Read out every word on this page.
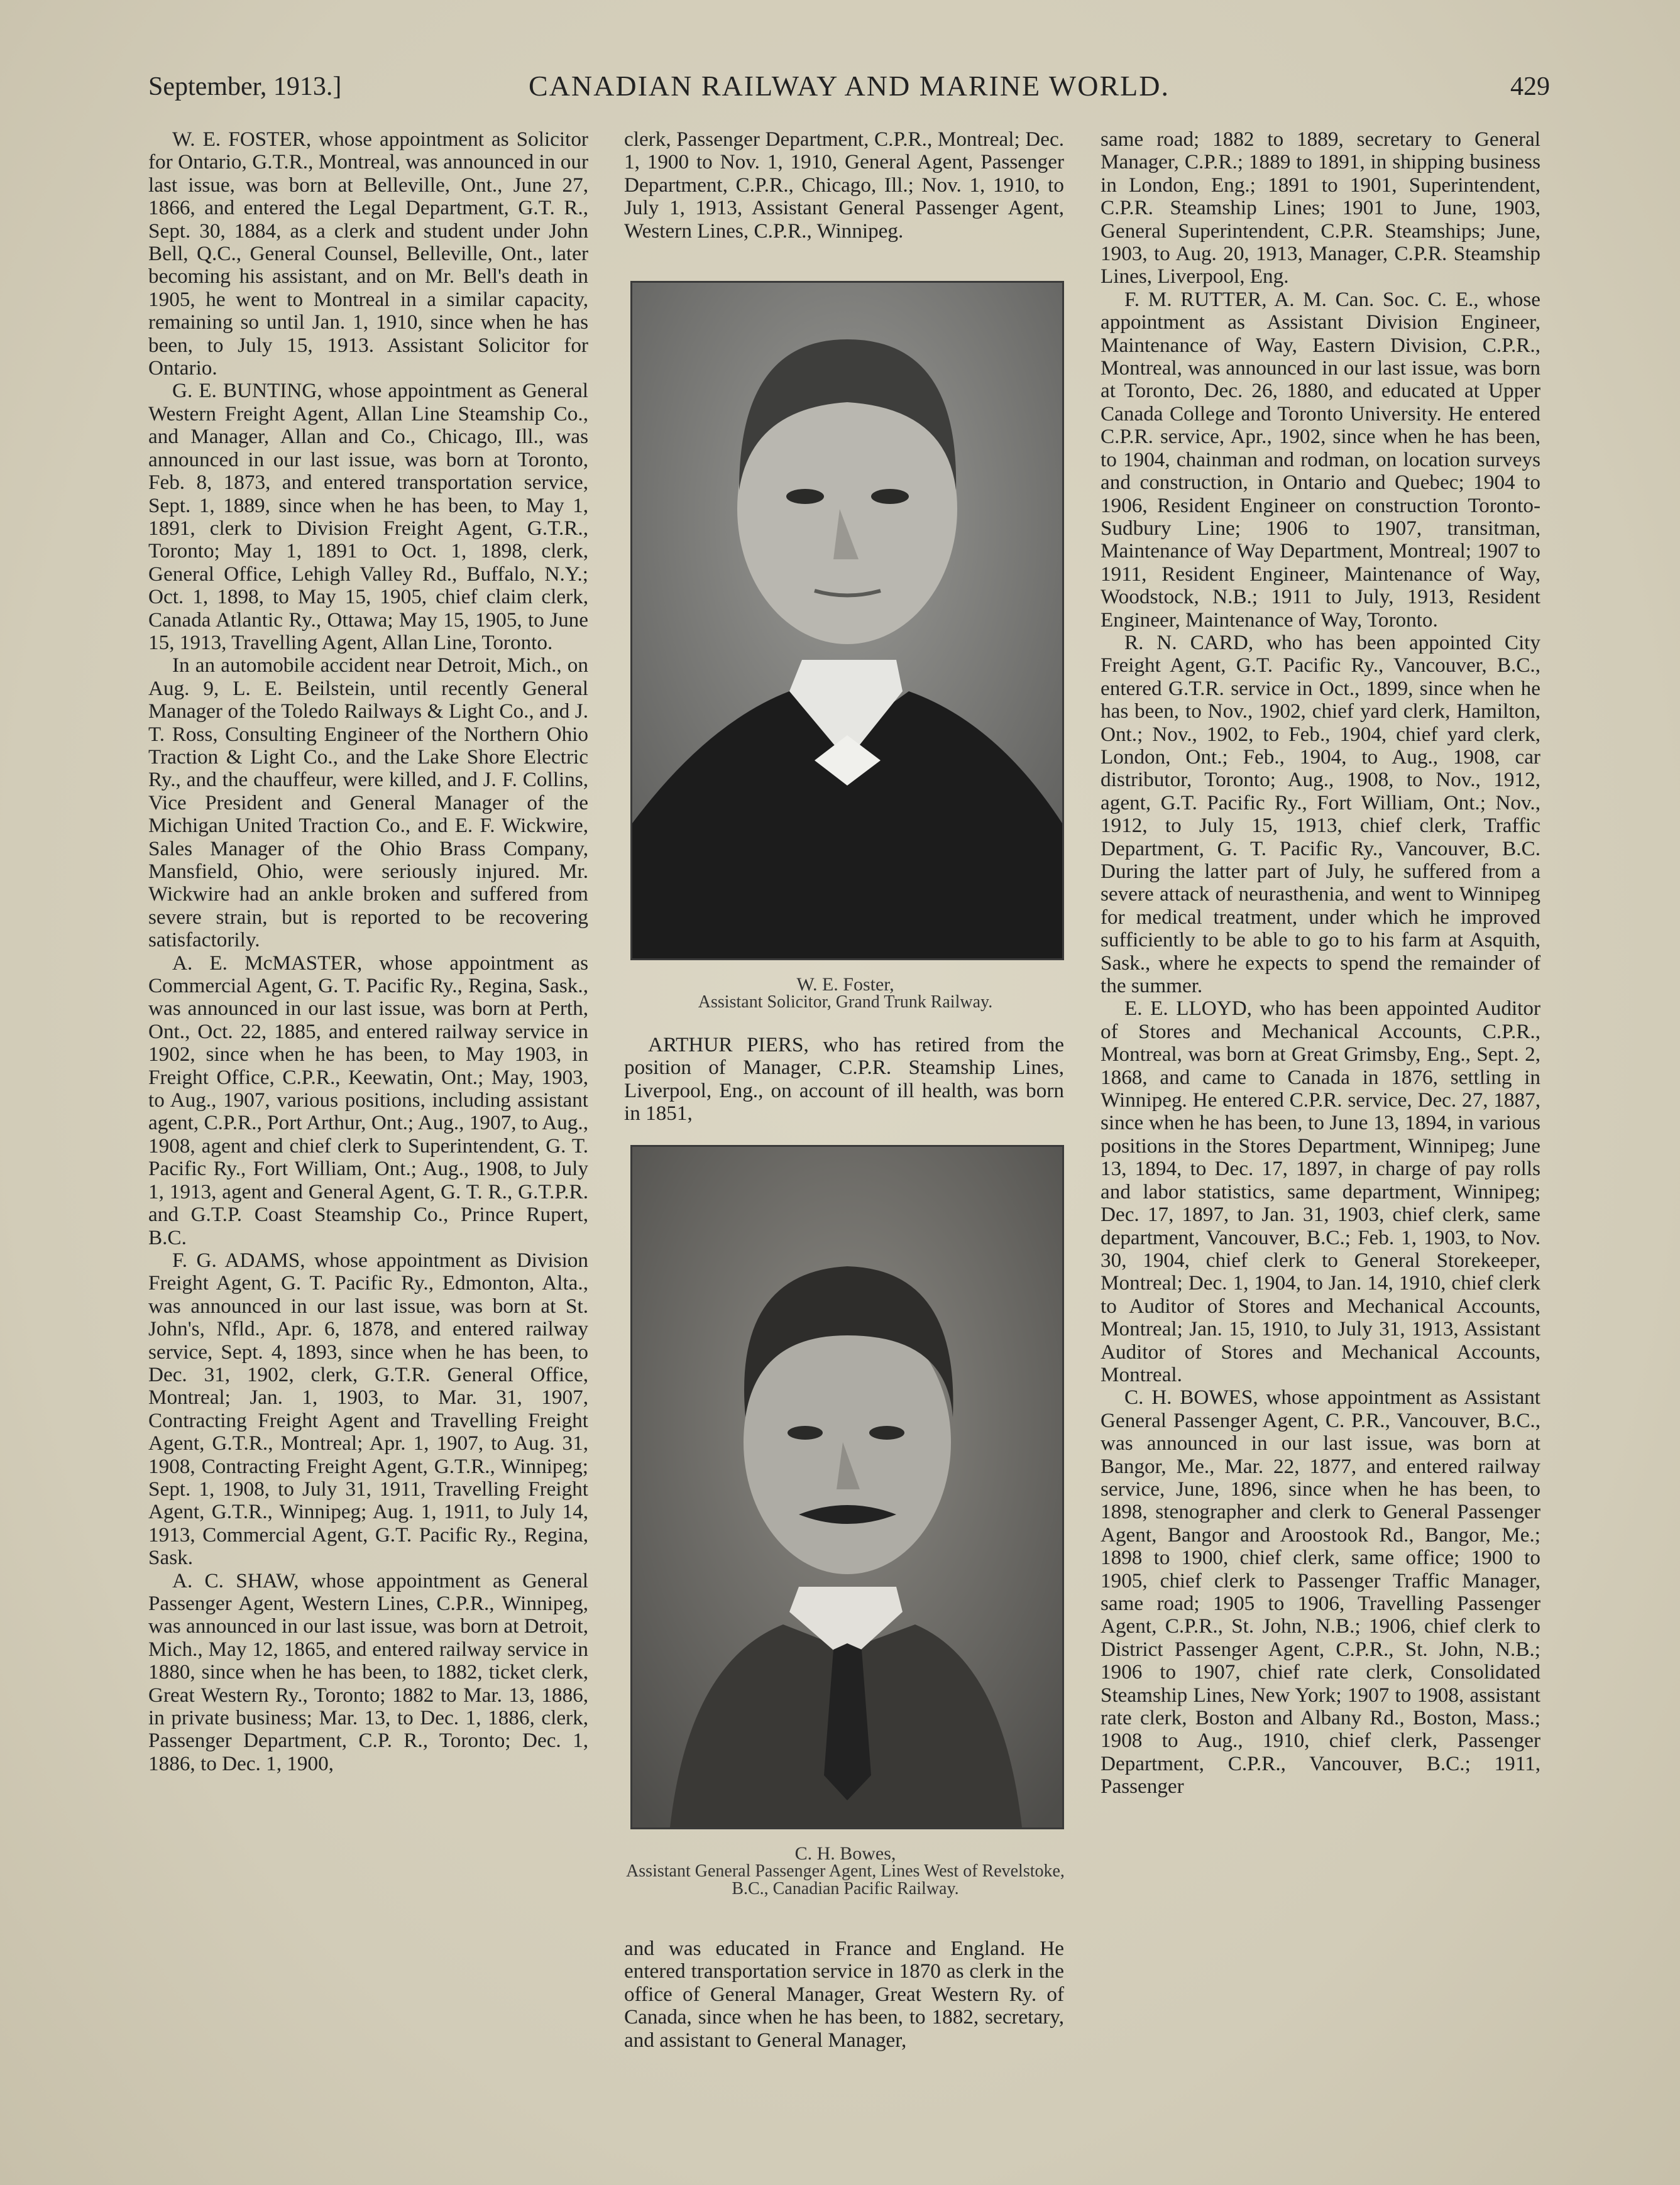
September, 1913.]	CANADIAN RAILWAY AND MARINE WORLD.	429

W. E. FOSTER, whose appointment as Solicitor for Ontario, G.T.R., Montreal, was announced in our last issue, was born at Belleville, Ont., June 27, 1866, and entered the Legal Department, G.T. R., Sept. 30, 1884, as a clerk and student under John Bell, Q.C., General Counsel, Belleville, Ont., later becoming his assistant, and on Mr. Bell's death in 1905, he went to Montreal in a similar capacity, remaining so until Jan. 1, 1910, since when he has been, to July 15, 1913. Assistant Solicitor for Ontario.

G. E. BUNTING, whose appointment as General Western Freight Agent, Allan Line Steamship Co., and Manager, Allan and Co., Chicago, Ill., was announced in our last issue, was born at Toronto, Feb. 8, 1873, and entered transportation service, Sept. 1, 1889, since when he has been, to May 1, 1891, clerk to Division Freight Agent, G.T.R., Toronto; May 1, 1891 to Oct. 1, 1898, clerk, General Office, Lehigh Valley Rd., Buffalo, N.Y.; Oct. 1, 1898, to May 15, 1905, chief claim clerk, Canada Atlantic Ry., Ottawa; May 15, 1905, to June 15, 1913, Travelling Agent, Allan Line, Toronto.

In an automobile accident near Detroit, Mich., on Aug. 9, L. E. Beilstein, until recently General Manager of the Toledo Railways & Light Co., and J. T. Ross, Consulting Engineer of the Northern Ohio Traction & Light Co., and the Lake Shore Electric Ry., and the chauffeur, were killed, and J. F. Collins, Vice President and General Manager of the Michigan United Traction Co., and E. F. Wickwire, Sales Manager of the Ohio Brass Company, Mansfield, Ohio, were seriously injured. Mr. Wickwire had an ankle broken and suffered from severe strain, but is reported to be recovering satisfactorily.

A. E. McMASTER, whose appointment as Commercial Agent, G. T. Pacific Ry., Regina, Sask., was announced in our last issue, was born at Perth, Ont., Oct. 22, 1885, and entered railway service in 1902, since when he has been, to May 1903, in Freight Office, C.P.R., Keewatin, Ont.; May, 1903, to Aug., 1907, various positions, including assistant agent, C.P.R., Port Arthur, Ont.; Aug., 1907, to Aug., 1908, agent and chief clerk to Superintendent, G. T. Pacific Ry., Fort William, Ont.; Aug., 1908, to July 1, 1913, agent and General Agent, G. T. R., G.T.P.R. and G.T.P. Coast Steamship Co., Prince Rupert, B.C.

F. G. ADAMS, whose appointment as Division Freight Agent, G. T. Pacific Ry., Edmonton, Alta., was announced in our last issue, was born at St. John's, Nfld., Apr. 6, 1878, and entered railway service, Sept. 4, 1893, since when he has been, to Dec. 31, 1902, clerk, G.T.R. General Office, Montreal; Jan. 1, 1903, to Mar. 31, 1907, Contracting Freight Agent and Travelling Freight Agent, G.T.R., Montreal; Apr. 1, 1907, to Aug. 31, 1908, Contracting Freight Agent, G.T.R., Winnipeg; Sept. 1, 1908, to July 31, 1911, Travelling Freight Agent, G.T.R., Winnipeg; Aug. 1, 1911, to July 14, 1913, Commercial Agent, G.T. Pacific Ry., Regina, Sask.

A. C. SHAW, whose appointment as General Passenger Agent, Western Lines, C.P.R., Winnipeg, was announced in our last issue, was born at Detroit, Mich., May 12, 1865, and entered railway service in 1880, since when he has been, to 1882, ticket clerk, Great Western Ry., Toronto; 1882 to Mar. 13, 1886, in private business; Mar. 13, to Dec. 1, 1886, clerk, Passenger Department, C.P. R., Toronto; Dec. 1, 1886, to Dec. 1, 1900,

clerk, Passenger Department, C.P.R., Montreal; Dec. 1, 1900 to Nov. 1, 1910, General Agent, Passenger Department, C.P.R., Chicago, Ill.; Nov. 1, 1910, to July 1, 1913, Assistant General Passenger Agent, Western Lines, C.P.R., Winnipeg.

W. E. Foster,
Assistant Solicitor, Grand Trunk Railway.

ARTHUR PIERS, who has retired from the position of Manager, C.P.R. Steamship Lines, Liverpool, Eng., on account of ill health, was born in 1851,

C. H. Bowes,
Assistant General Passenger Agent, Lines West of Revelstoke, B.C., Canadian Pacific Railway.

and was educated in France and England. He entered transportation service in 1870 as clerk in the office of General Manager, Great Western Ry. of Canada, since when he has been, to 1882, secretary, and assistant to General Manager,

same road; 1882 to 1889, secretary to General Manager, C.P.R.; 1889 to 1891, in shipping business in London, Eng.; 1891 to 1901, Superintendent, C.P.R. Steamship Lines; 1901 to June, 1903, General Superintendent, C.P.R. Steamships; June, 1903, to Aug. 20, 1913, Manager, C.P.R. Steamship Lines, Liverpool, Eng.

F. M. RUTTER, A. M. Can. Soc. C. E., whose appointment as Assistant Division Engineer, Maintenance of Way, Eastern Division, C.P.R., Montreal, was announced in our last issue, was born at Toronto, Dec. 26, 1880, and educated at Upper Canada College and Toronto University. He entered C.P.R. service, Apr., 1902, since when he has been, to 1904, chainman and rodman, on location surveys and construction, in Ontario and Quebec; 1904 to 1906, Resident Engineer on construction Toronto-Sudbury Line; 1906 to 1907, transitman, Maintenance of Way Department, Montreal; 1907 to 1911, Resident Engineer, Maintenance of Way, Woodstock, N.B.; 1911 to July, 1913, Resident Engineer, Maintenance of Way, Toronto.

R. N. CARD, who has been appointed City Freight Agent, G.T. Pacific Ry., Vancouver, B.C., entered G.T.R. service in Oct., 1899, since when he has been, to Nov., 1902, chief yard clerk, Hamilton, Ont.; Nov., 1902, to Feb., 1904, chief yard clerk, London, Ont.; Feb., 1904, to Aug., 1908, car distributor, Toronto; Aug., 1908, to Nov., 1912, agent, G.T. Pacific Ry., Fort William, Ont.; Nov., 1912, to July 15, 1913, chief clerk, Traffic Department, G. T. Pacific Ry., Vancouver, B.C. During the latter part of July, he suffered from a severe attack of neurasthenia, and went to Winnipeg for medical treatment, under which he improved sufficiently to be able to go to his farm at Asquith, Sask., where he expects to spend the remainder of the summer.

E. E. LLOYD, who has been appointed Auditor of Stores and Mechanical Accounts, C.P.R., Montreal, was born at Great Grimsby, Eng., Sept. 2, 1868, and came to Canada in 1876, settling in Winnipeg. He entered C.P.R. service, Dec. 27, 1887, since when he has been, to June 13, 1894, in various positions in the Stores Department, Winnipeg; June 13, 1894, to Dec. 17, 1897, in charge of pay rolls and labor statistics, same department, Winnipeg; Dec. 17, 1897, to Jan. 31, 1903, chief clerk, same department, Vancouver, B.C.; Feb. 1, 1903, to Nov. 30, 1904, chief clerk to General Storekeeper, Montreal; Dec. 1, 1904, to Jan. 14, 1910, chief clerk to Auditor of Stores and Mechanical Accounts, Montreal; Jan. 15, 1910, to July 31, 1913, Assistant Auditor of Stores and Mechanical Accounts, Montreal.

C. H. BOWES, whose appointment as Assistant General Passenger Agent, C. P.R., Vancouver, B.C., was announced in our last issue, was born at Bangor, Me., Mar. 22, 1877, and entered railway service, June, 1896, since when he has been, to 1898, stenographer and clerk to General Passenger Agent, Bangor and Aroostook Rd., Bangor, Me.; 1898 to 1900, chief clerk, same office; 1900 to 1905, chief clerk to Passenger Traffic Manager, same road; 1905 to 1906, Travelling Passenger Agent, C.P.R., St. John, N.B.; 1906, chief clerk to District Passenger Agent, C.P.R., St. John, N.B.; 1906 to 1907, chief rate clerk, Consolidated Steamship Lines, New York; 1907 to 1908, assistant rate clerk, Boston and Albany Rd., Boston, Mass.; 1908 to Aug., 1910, chief clerk, Passenger Department, C.P.R., Vancouver, B.C.; 1911, Passenger
